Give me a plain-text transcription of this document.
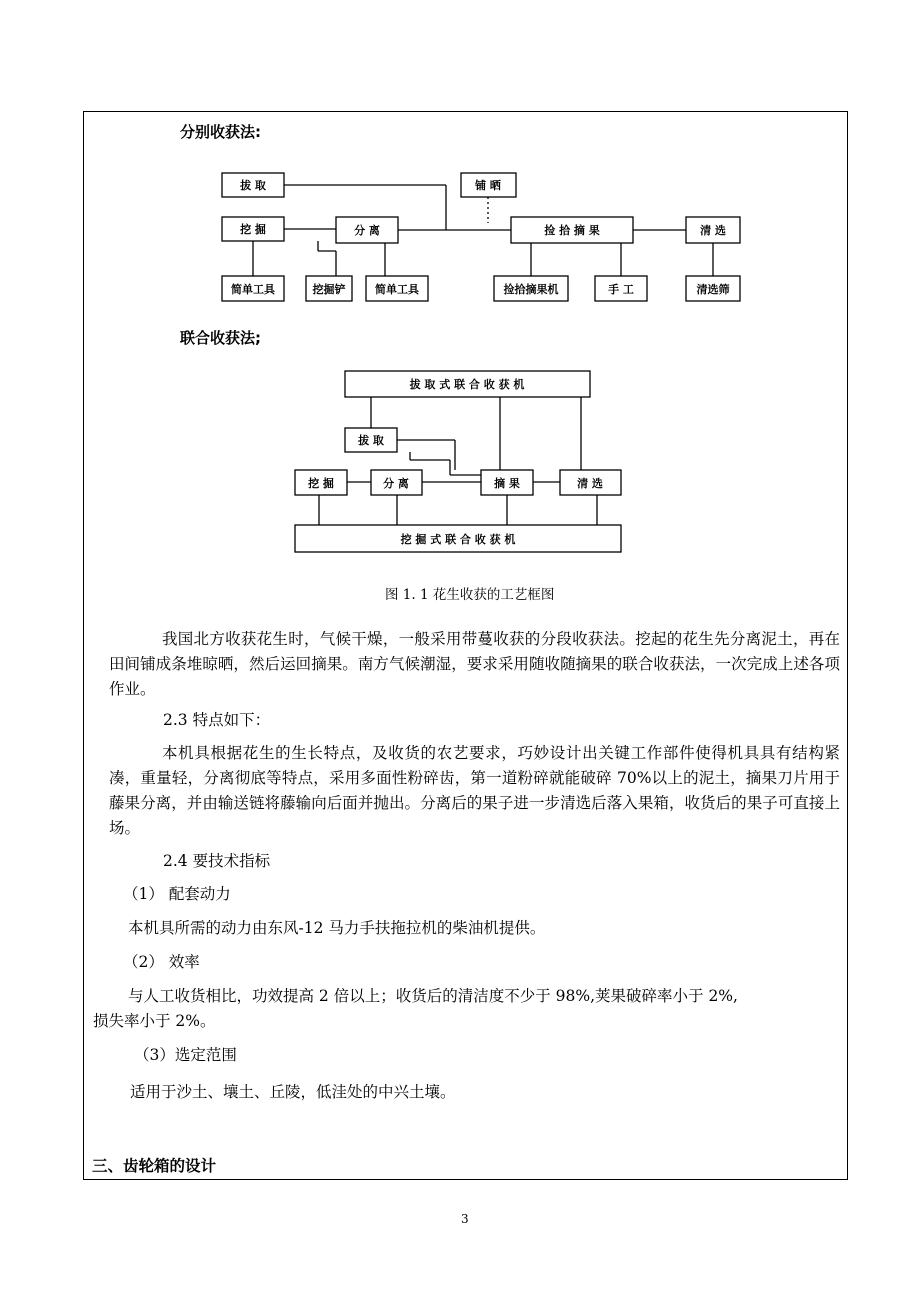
分别收获法:
拔 取	铺 晒
挖 掘	分 离	捡 拾 摘 果	清 选
简单工具	挖掘铲	简单工具	捡拾摘果机	手 工	清选筛
联合收获法;
拔 取 式 联 合 收 获 机
拔 取
挖 掘	分 离	摘 果	清 选
挖 掘 式 联 合 收 获 机
图 1. 1 花生收获的工艺框图
我国北方收获花生时，气候干燥，一般采用带蔓收获的分段收获法。挖起的花生先分离泥土，再在田间铺成条堆晾晒，然后运回摘果。南方气候潮湿，要求采用随收随摘果的联合收获法，一次完成上述各项作业。
2.3 特点如下：
本机具根据花生的生长特点，及收货的农艺要求，巧妙设计出关键工作部件使得机具具有结构紧凑，重量轻，分离彻底等特点，采用多面性粉碎齿，第一道粉碎就能破碎 70%以上的泥土，摘果刀片用于藤果分离，并由输送链将藤输向后面并抛出。分离后的果子进一步清选后落入果箱，收货后的果子可直接上场。
2.4 要技术指标
（1） 配套动力
本机具所需的动力由东风-12 马力手扶拖拉机的柴油机提供。
（2） 效率
与人工收货相比，功效提高 2 倍以上；收货后的清洁度不少于 98%,荚果破碎率小于 2%,
损失率小于 2%。
（3）选定范围
适用于沙土、壤土、丘陵，低洼处的中兴土壤。
三、齿轮箱的设计
3
